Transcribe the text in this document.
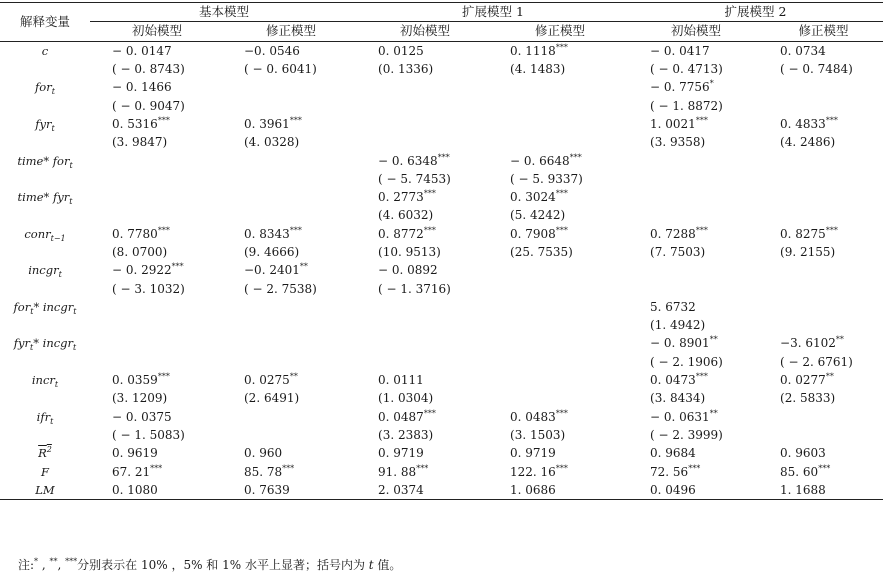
解释变量	基本模型		扩展模型 1		扩展模型 2	
	初始模型	修正模型	初始模型	修正模型	初始模型	修正模型
c	− 0. 0147	−0. 0546	0. 0125	0. 1118***	− 0. 0417	0. 0734
	( − 0. 8743)	( − 0. 6041)	(0. 1336)	(4. 1483)	( − 0. 4713)	( − 0. 7484)
for$_t$	− 0. 1466				− 0. 7756*	
	( − 0. 9047)				( − 1. 8872)	
fyr$_t$	0. 5316***	0. 3961***			1. 0021***	0. 4833***
	(3. 9847)	(4. 0328)			(3. 9358)	(4. 2486)
time* for$_t$			− 0. 6348***	− 0. 6648***		
			( − 5. 7453)	( − 5. 9337)		
time* fyr$_t$			0. 2773***	0. 3024***		
			(4. 6032)	(5. 4242)		
conr$_{t-1}$	0. 7780***	0. 8343***	0. 8772***	0. 7908***	0. 7288***	0. 8275***
	(8. 0700)	(9. 4666)	(10. 9513)	(25. 7535)	(7. 7503)	(9. 2155)
incgr$_t$	− 0. 2922***	−0. 2401**	− 0. 0892			
	( − 3. 1032)	( − 2. 7538)	( − 1. 3716)			
for$_t$* incgr$_t$					5. 6732	
					(1. 4942)	
fyr$_t$* incgr$_t$					− 0. 8901**	−3. 6102**
					( − 2. 1906)	( − 2. 6761)
incr$_t$	0. 0359***	0. 0275**	0. 0111		0. 0473***	0. 0277**
	(3. 1209)	(2. 6491)	(1. 0304)		(3. 8434)	(2. 5833)
ifr$_t$	− 0. 0375		0. 0487***	0. 0483***	− 0. 0631**	
	( − 1. 5083)		(3. 2383)	(3. 1503)	( − 2. 3999)	
$R^2$	0. 9619	0. 960	0. 9719	0. 9719	0. 9684	0. 9603
F	67. 21***	85. 78***	91. 88***	122. 16***	72. 56***	85. 60***
LM	0. 1080	0. 7639	2. 0374	1. 0686	0. 0496	1. 1688
注:* , **, ***分别表示在 10% ，5% 和 1% 水平上显著；括号内为 t 值。
